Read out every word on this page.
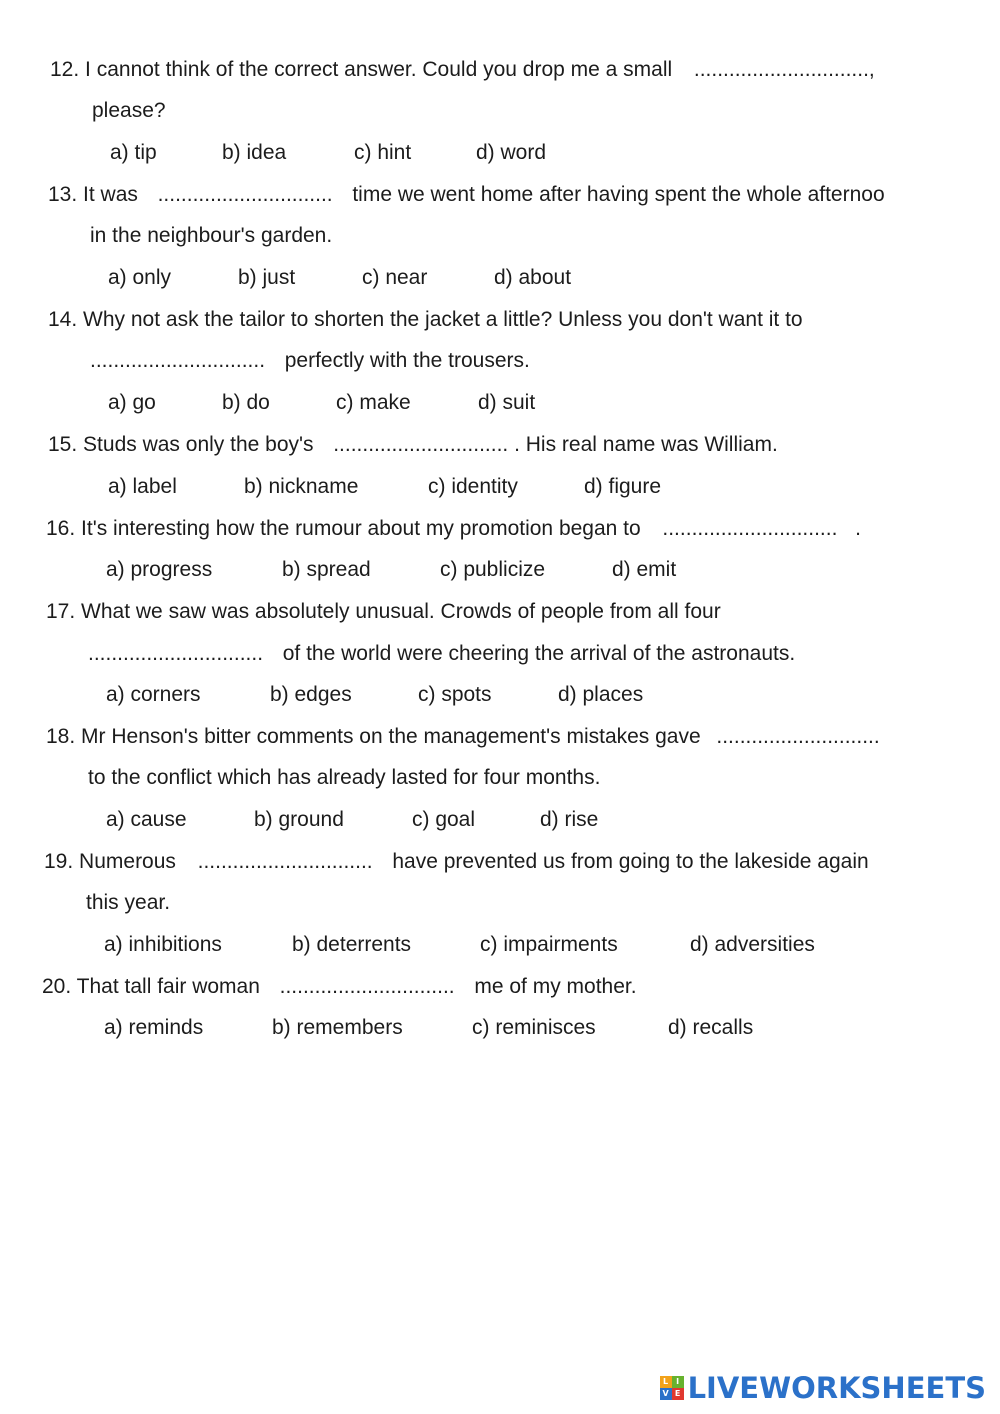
12. I cannot think of the correct answer. Could you drop me a small ..............................,
please?
a) tip	b) idea	c) hint	d) word
13. It was .............................. time we went home after having spent the whole afternoo
in the neighbour's garden.
a) only	b) just	c) near	d) about
14. Why not ask the tailor to shorten the jacket a little? Unless you don't want it to
.............................. perfectly with the trousers.
a) go	b) do	c) make	d) suit
15. Studs was only the boy's .............................. . His real name was William.
a) label	b) nickname	c) identity	d) figure
16. It's interesting how the rumour about my promotion began to .............................. .
a) progress	b) spread	c) publicize	d) emit
17. What we saw was absolutely unusual. Crowds of people from all four
.............................. of the world were cheering the arrival of the astronauts.
a) corners	b) edges	c) spots	d) places
18. Mr Henson's bitter comments on the management's mistakes gave ............................
to the conflict which has already lasted for four months.
a) cause	b) ground	c) goal	d) rise
19. Numerous .............................. have prevented us from going to the lakeside again
this year.
a) inhibitions	b) deterrents	c) impairments	d) adversities
20. That tall fair woman .............................. me of my mother.
a) reminds	b) remembers	c) reminisces	d) recalls
L I
V E LIVEWORKSHEETS
